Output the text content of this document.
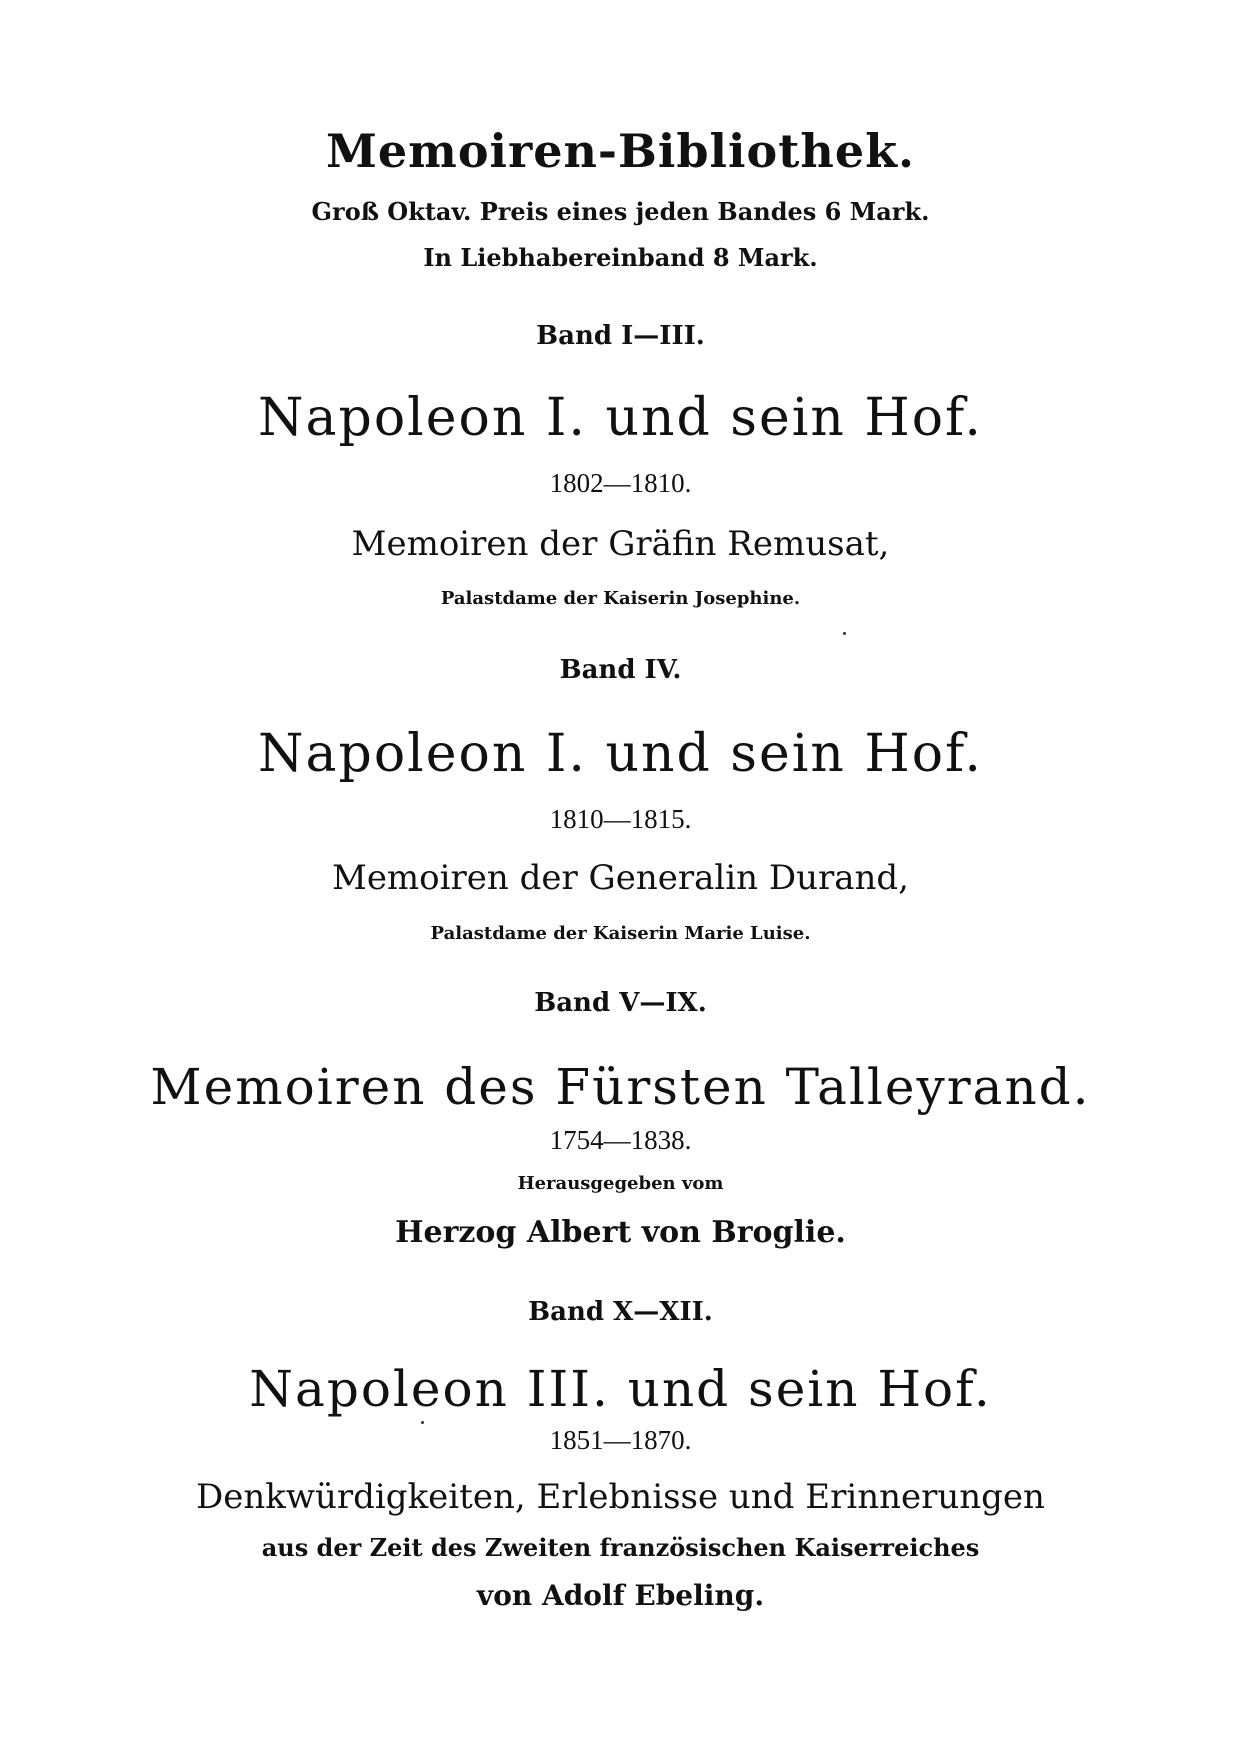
Memoiren-Bibliothek.
Groß Oktav. Preis eines jeden Bandes 6 Mark.
In Liebhabereinband 8 Mark.
Band I—III.
Napoleon I. und sein Hof.
1802—1810.
Memoiren der Gräfin Remusat,
Palastdame der Kaiserin Josephine.
Band IV.
Napoleon I. und sein Hof.
1810—1815.
Memoiren der Generalin Durand,
Palastdame der Kaiserin Marie Luise.
Band V—IX.
Memoiren des Fürsten Talleyrand.
1754—1838.
Herausgegeben vom
Herzog Albert von Broglie.
Band X—XII.
Napoleon III. und sein Hof.
1851—1870.
Denkwürdigkeiten, Erlebnisse und Erinnerungen
aus der Zeit des Zweiten französischen Kaiserreiches
von Adolf Ebeling.
